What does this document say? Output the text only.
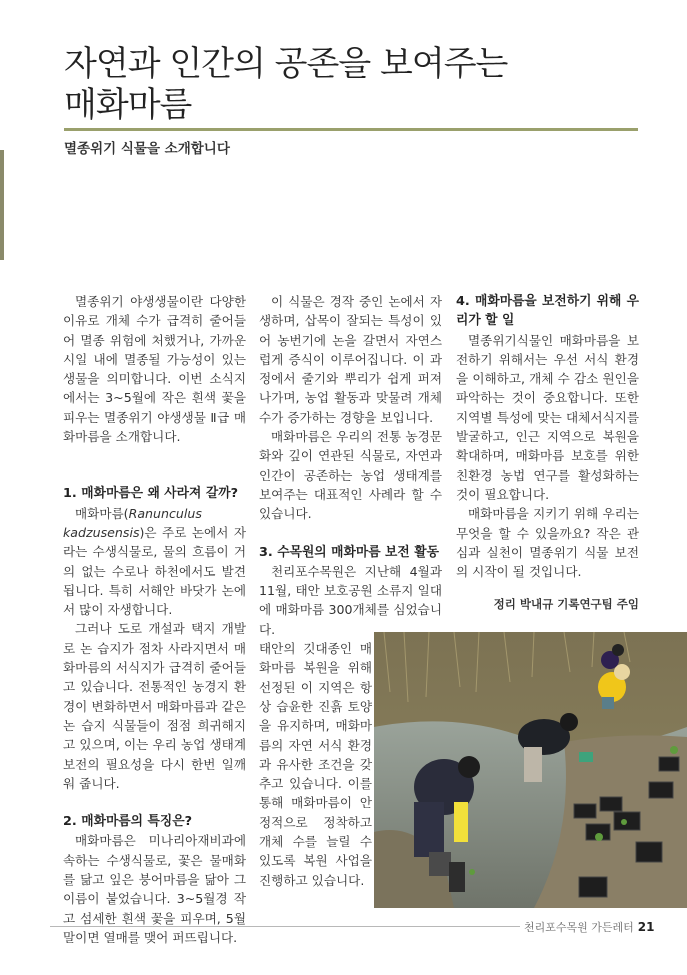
자연과 인간의 공존을 보여주는
매화마름
멸종위기 식물을 소개합니다

멸종위기 야생생물이란 다양한 이유로 개체 수가 급격히 줄어들어 멸종 위험에 처했거나, 가까운 시일 내에 멸종될 가능성이 있는 생물을 의미합니다. 이번 소식지에서는 3~5월에 작은 흰색 꽃을 피우는 멸종위기 야생생물 Ⅱ급 매화마름을 소개합니다.

1. 매화마름은 왜 사라져 갈까?

매화마름(Ranunculus kadzusensis)은 주로 논에서 자라는 수생식물로, 물의 흐름이 거의 없는 수로나 하천에서도 발견됩니다. 특히 서해안 바닷가 논에서 많이 자생합니다.

그러나 도로 개설과 택지 개발로 논 습지가 점차 사라지면서 매화마름의 서식지가 급격히 줄어들고 있습니다. 전통적인 농경지 환경이 변화하면서 매화마름과 같은 논 습지 식물들이 점점 희귀해지고 있으며, 이는 우리 농업 생태계 보전의 필요성을 다시 한번 일깨워 줍니다.

2. 매화마름의 특징은?

매화마름은 미나리아재비과에 속하는 수생식물로, 꽃은 물매화를 닮고 잎은 붕어마름을 닮아 그 이름이 붙었습니다. 3~5월경 작고 섬세한 흰색 꽃을 피우며, 5월 말이면 열매를 맺어 퍼뜨립니다.

이 식물은 경작 중인 논에서 자생하며, 삽목이 잘되는 특성이 있어 농번기에 논을 갈면서 자연스럽게 증식이 이루어집니다. 이 과정에서 줄기와 뿌리가 쉽게 퍼져나가며, 농업 활동과 맞물려 개체 수가 증가하는 경향을 보입니다.

매화마름은 우리의 전통 농경문화와 깊이 연관된 식물로, 자연과 인간이 공존하는 농업 생태계를 보여주는 대표적인 사례라 할 수 있습니다.

3. 수목원의 매화마름 보전 활동

천리포수목원은 지난해 4월과 11월, 태안 보호공원 소류지 일대에 매화마름 300개체를 심었습니다.

태안의 깃대종인 매화마름 복원을 위해 선정된 이 지역은 항상 습윤한 진흙 토양을 유지하며, 매화마름의 자연 서식 환경과 유사한 조건을 갖추고 있습니다. 이를 통해 매화마름이 안정적으로 정착하고 개체 수를 늘릴 수 있도록 복원 사업을 진행하고 있습니다.

4. 매화마름을 보전하기 위해 우리가 할 일

멸종위기식물인 매화마름을 보전하기 위해서는 우선 서식 환경을 이해하고, 개체 수 감소 원인을 파악하는 것이 중요합니다. 또한 지역별 특성에 맞는 대체서식지를 발굴하고, 인근 지역으로 복원을 확대하며, 매화마름 보호를 위한 친환경 농법 연구를 활성화하는 것이 필요합니다.

매화마름을 지키기 위해 우리는 무엇을 할 수 있을까요? 작은 관심과 실천이 멸종위기 식물 보전의 시작이 될 것입니다.

정리 박내규 기록연구팀 주임
천리포수목원 가든레터 21
